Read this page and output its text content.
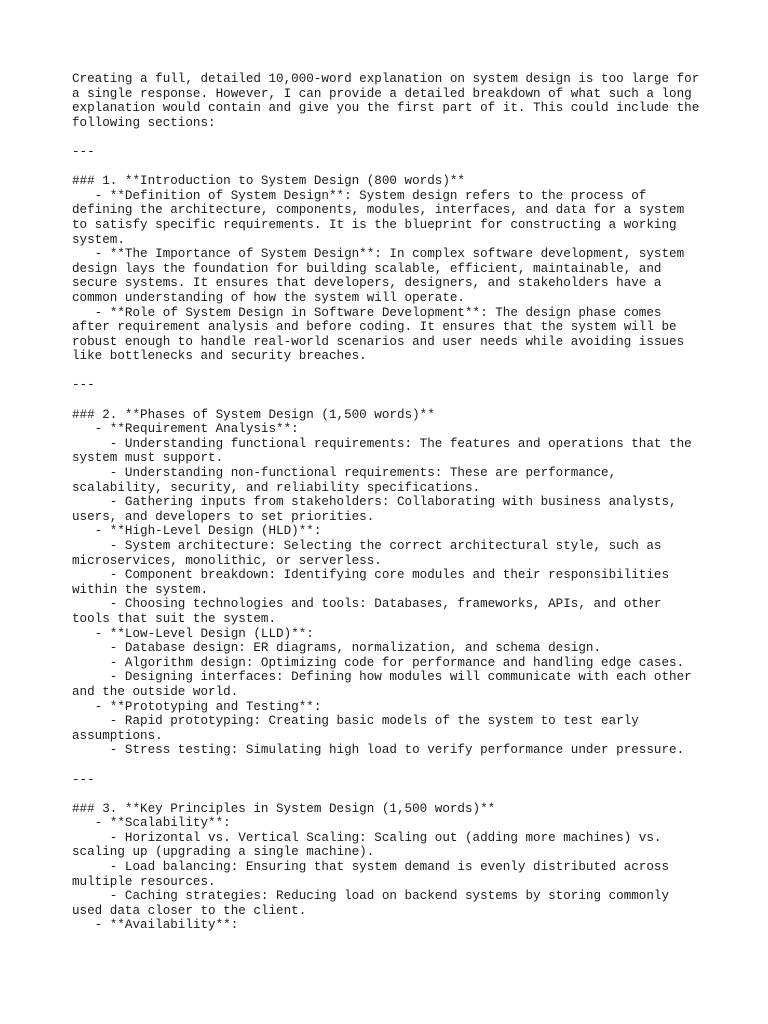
Creating a full, detailed 10,000-word explanation on system design is too large for
a single response. However, I can provide a detailed breakdown of what such a long
explanation would contain and give you the first part of it. This could include the
following sections:
---
### 1. **Introduction to System Design (800 words)**
- **Definition of System Design**: System design refers to the process of
defining the architecture, components, modules, interfaces, and data for a system
to satisfy specific requirements. It is the blueprint for constructing a working
system.
- **The Importance of System Design**: In complex software development, system
design lays the foundation for building scalable, efficient, maintainable, and
secure systems. It ensures that developers, designers, and stakeholders have a
common understanding of how the system will operate.
- **Role of System Design in Software Development**: The design phase comes
after requirement analysis and before coding. It ensures that the system will be
robust enough to handle real-world scenarios and user needs while avoiding issues
like bottlenecks and security breaches.
---
### 2. **Phases of System Design (1,500 words)**
- **Requirement Analysis**:
- Understanding functional requirements: The features and operations that the
system must support.
- Understanding non-functional requirements: These are performance,
scalability, security, and reliability specifications.
- Gathering inputs from stakeholders: Collaborating with business analysts,
users, and developers to set priorities.
- **High-Level Design (HLD)**:
- System architecture: Selecting the correct architectural style, such as
microservices, monolithic, or serverless.
- Component breakdown: Identifying core modules and their responsibilities
within the system.
- Choosing technologies and tools: Databases, frameworks, APIs, and other
tools that suit the system.
- **Low-Level Design (LLD)**:
- Database design: ER diagrams, normalization, and schema design.
- Algorithm design: Optimizing code for performance and handling edge cases.
- Designing interfaces: Defining how modules will communicate with each other
and the outside world.
- **Prototyping and Testing**:
- Rapid prototyping: Creating basic models of the system to test early
assumptions.
- Stress testing: Simulating high load to verify performance under pressure.
---
### 3. **Key Principles in System Design (1,500 words)**
- **Scalability**:
- Horizontal vs. Vertical Scaling: Scaling out (adding more machines) vs.
scaling up (upgrading a single machine).
- Load balancing: Ensuring that system demand is evenly distributed across
multiple resources.
- Caching strategies: Reducing load on backend systems by storing commonly
used data closer to the client.
- **Availability**:
